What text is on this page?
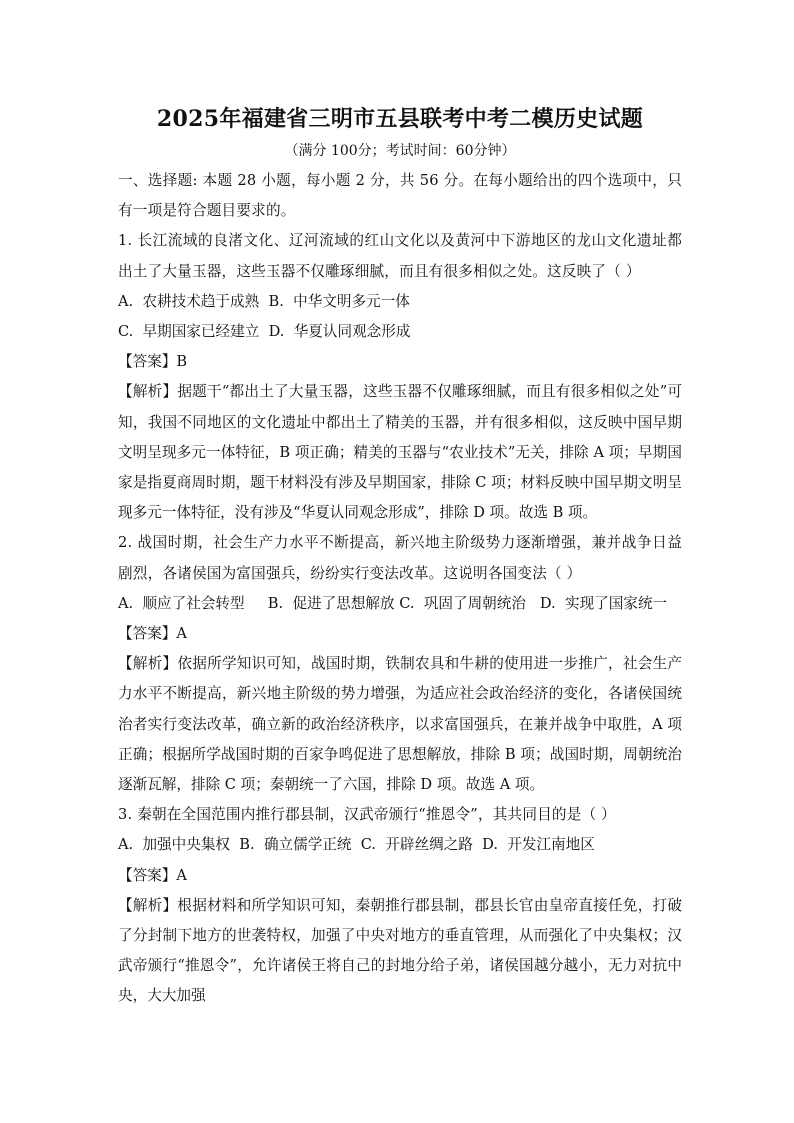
2025年福建省三明市五县联考中考二模历史试题

（满分 100分；考试时间：60分钟）

一、选择题: 本题 28 小题，每小题 2 分，共 56 分。在每小题给出的四个选项中，只有一项是符合题目要求的。

1. 长江流域的良渚文化、辽河流域的红山文化以及黄河中下游地区的龙山文化遗址都出土了大量玉器，这些玉器不仅雕琢细腻，而且有很多相似之处。这反映了（ ）

A.  农耕技术趋于成熟  B.  中华文明多元一体

C.  早期国家已经建立  D.  华夏认同观念形成

【答案】B

【解析】据题干“都出土了大量玉器，这些玉器不仅雕琢细腻，而且有很多相似之处”可知，我国不同地区的文化遗址中都出土了精美的玉器，并有很多相似，这反映中国早期文明呈现多元一体特征，B 项正确；精美的玉器与“农业技术”无关，排除 A 项；早期国家是指夏商周时期，题干材料没有涉及早期国家，排除 C 项；材料反映中国早期文明呈现多元一体特征，没有涉及“华夏认同观念形成”，排除 D 项。故选 B 项。

2. 战国时期，社会生产力水平不断提高，新兴地主阶级势力逐渐增强，兼并战争日益剧烈，各诸侯国为富国强兵，纷纷实行变法改革。这说明各国变法（ ）

A.  顺应了社会转型     B.  促进了思想解放 C.  巩固了周朝统治   D.  实现了国家统一

【答案】A

【解析】依据所学知识可知，战国时期，铁制农具和牛耕的使用进一步推广，社会生产力水平不断提高，新兴地主阶级的势力增强，为适应社会政治经济的变化，各诸侯国统治者实行变法改革，确立新的政治经济秩序，以求富国强兵，在兼并战争中取胜，A 项正确；根据所学战国时期的百家争鸣促进了思想解放，排除 B 项；战国时期，周朝统治逐渐瓦解，排除 C 项；秦朝统一了六国，排除 D 项。故选 A 项。

3. 秦朝在全国范围内推行郡县制，汉武帝颁行“推恩令”，其共同目的是（ ）

A.  加强中央集权  B.  确立儒学正统  C.  开辟丝绸之路  D.  开发江南地区

【答案】A

【解析】根据材料和所学知识可知，秦朝推行郡县制，郡县长官由皇帝直接任免，打破了分封制下地方的世袭特权，加强了中央对地方的垂直管理，从而强化了中央集权；汉武帝颁行“推恩令”，允许诸侯王将自己的封地分给子弟，诸侯国越分越小，无力对抗中央，大大加强
